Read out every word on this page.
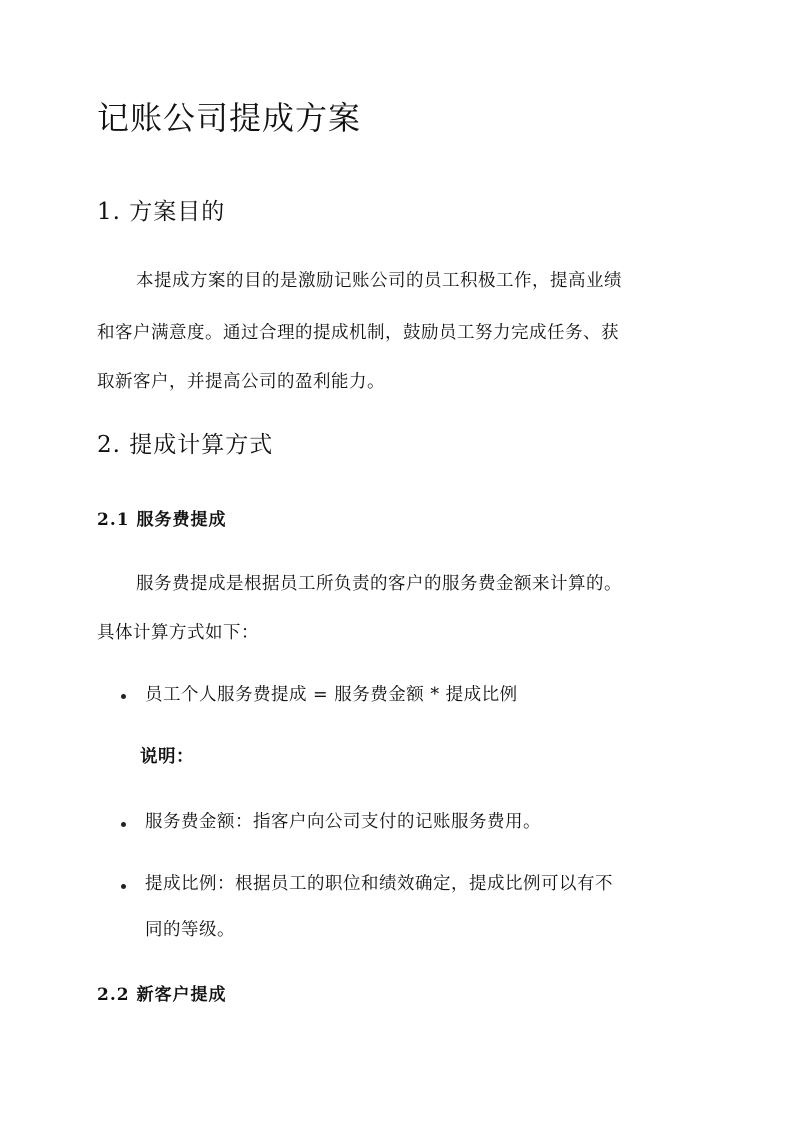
记账公司提成方案
1. 方案目的
本提成方案的目的是激励记账公司的员工积极工作，提高业绩
和客户满意度。通过合理的提成机制，鼓励员工努力完成任务、获
取新客户，并提高公司的盈利能力。
2. 提成计算方式
2.1 服务费提成
服务费提成是根据员工所负责的客户的服务费金额来计算的。
具体计算方式如下：
员工个人服务费提成 = 服务费金额 * 提成比例
说明：
服务费金额：指客户向公司支付的记账服务费用。
提成比例：根据员工的职位和绩效确定，提成比例可以有不
同的等级。
2.2 新客户提成
